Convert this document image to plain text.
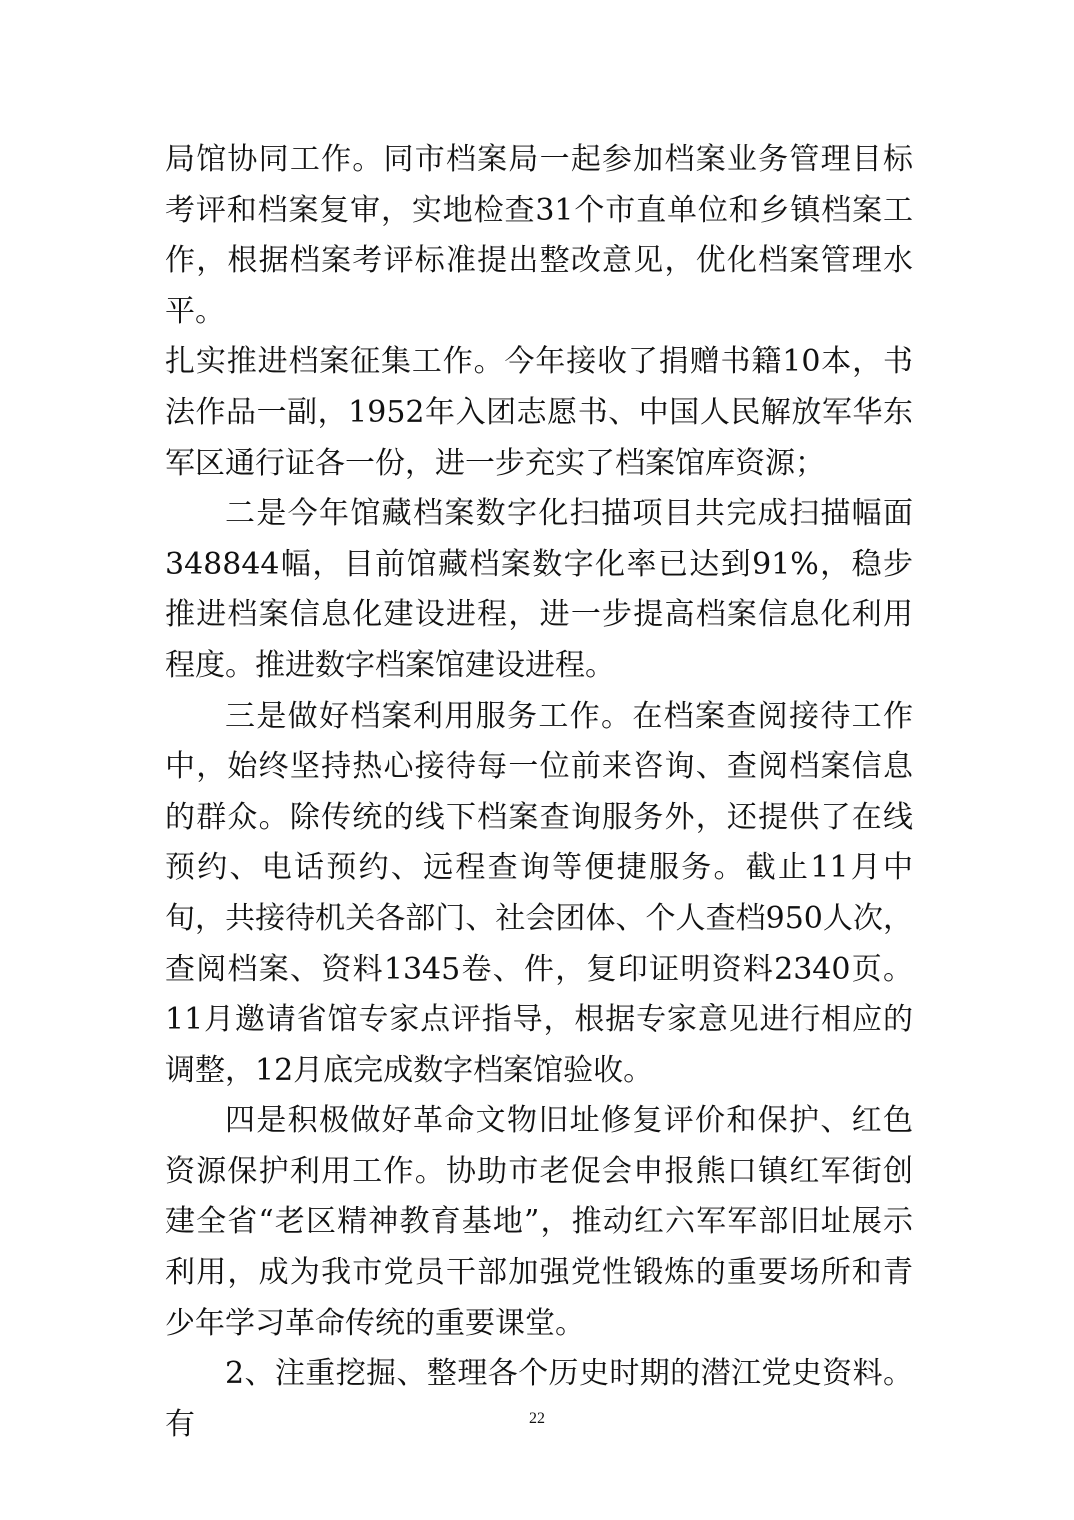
局馆协同工作。同市档案局一起参加档案业务管理目标考评和档案复审，实地检查31个市直单位和乡镇档案工作，根据档案考评标准提出整改意见，优化档案管理水平。

扎实推进档案征集工作。今年接收了捐赠书籍10本，书法作品一副，1952年入团志愿书、中国人民解放军华东军区通行证各一份，进一步充实了档案馆库资源；

二是今年馆藏档案数字化扫描项目共完成扫描幅面348844幅，目前馆藏档案数字化率已达到91%，稳步推进档案信息化建设进程，进一步提高档案信息化利用程度。推进数字档案馆建设进程。

三是做好档案利用服务工作。在档案查阅接待工作中，始终坚持热心接待每一位前来咨询、查阅档案信息的群众。除传统的线下档案查询服务外，还提供了在线预约、电话预约、远程查询等便捷服务。截止11月中旬，共接待机关各部门、社会团体、个人查档950人次，查阅档案、资料1345卷、件，复印证明资料2340页。11月邀请省馆专家点评指导，根据专家意见进行相应的调整，12月底完成数字档案馆验收。

四是积极做好革命文物旧址修复评价和保护、红色资源保护利用工作。协助市老促会申报熊口镇红军街创建全省“老区精神教育基地”，推动红六军军部旧址展示利用，成为我市党员干部加强党性锻炼的重要场所和青少年学习革命传统的重要课堂。

2、注重挖掘、整理各个历史时期的潜江党史资料。有	22
